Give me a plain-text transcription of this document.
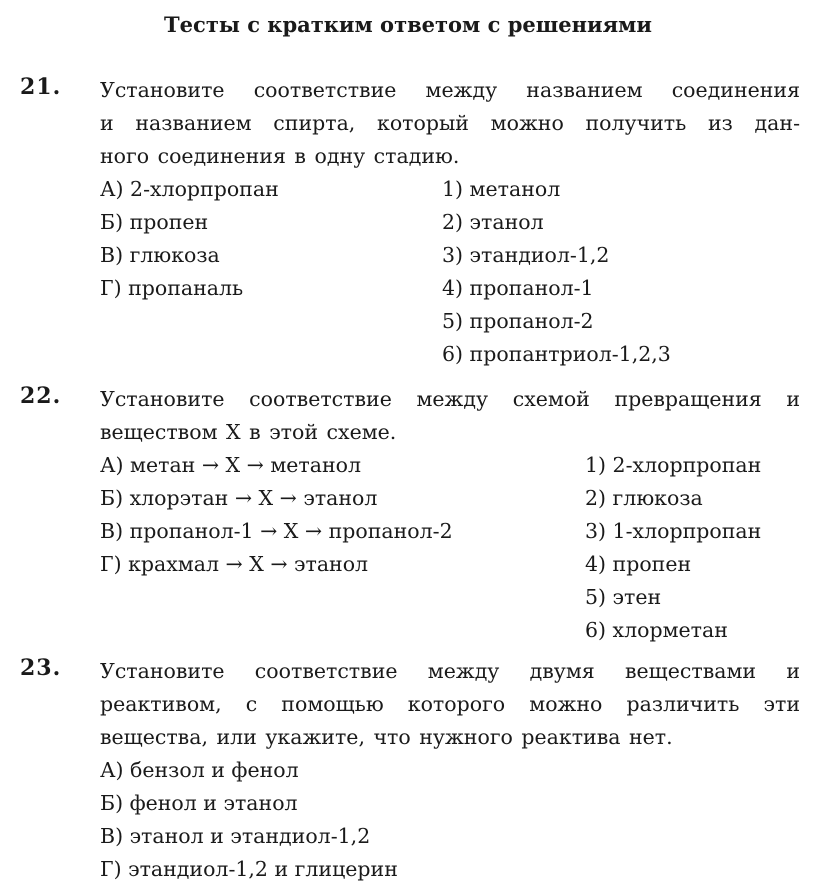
Тесты с кратким ответом с решениями
21. Установите соответствие между названием соединения
и названием спирта, который можно получить из дан-
ного соединения в одну стадию.
А) 2-хлорпропан
Б) пропен
В) глюкоза
Г) пропаналь
1) метанол
2) этанол
3) этандиол-1,2
4) пропанол-1
5) пропанол-2
6) пропантриол-1,2,3
22. Установите соответствие между схемой превращения и
веществом X в этой схеме.
А) метан → X → метанол
Б) хлорэтан → X → этанол
В) пропанол-1 → X → пропанол-2
Г) крахмал → X → этанол
1) 2-хлорпропан
2) глюкоза
3) 1-хлорпропан
4) пропен
5) этен
6) хлорметан
23. Установите соответствие между двумя веществами и
реактивом, с помощью которого можно различить эти
вещества, или укажите, что нужного реактива нет.
А) бензол и фенол
Б) фенол и этанол
В) этанол и этандиол-1,2
Г) этандиол-1,2 и глицерин
